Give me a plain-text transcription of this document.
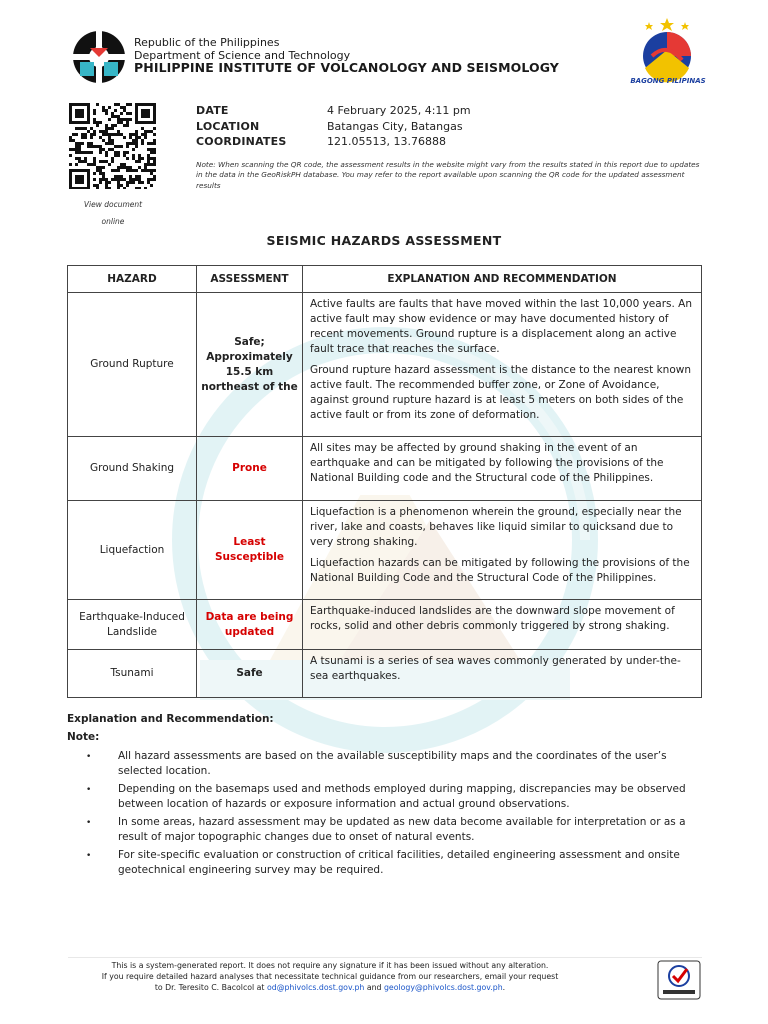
Republic of the Philippines
Department of Science and Technology
PHILIPPINE INSTITUTE OF VOLCANOLOGY AND SEISMOLOGY
BAGONG PILIPINAS
View document
online
DATE	4 February 2025, 4:11 pm
LOCATION	Batangas City, Batangas
COORDINATES	121.05513, 13.76888
Note: When scanning the QR code, the assessment results in the website might vary from the results stated in this report due to updates in the data in the GeoRiskPH database. You may refer to the report available upon scanning the QR code for the updated assessment results
SEISMIC HAZARDS ASSESSMENT
HAZARD	ASSESSMENT	EXPLANATION AND RECOMMENDATION
Ground Rupture	Safe; Approximately 15.5 km northeast of the	Active faults are faults that have moved within the last 10,000 years. An active fault may show evidence or may have documented history of recent movements. Ground rupture is a displacement along an active fault trace that reaches the surface.

Ground rupture hazard assessment is the distance to the nearest known active fault. The recommended buffer zone, or Zone of Avoidance, against ground rupture hazard is at least 5 meters on both sides of the active fault or from its zone of deformation.

Ground Shaking	Prone	All sites may be affected by ground shaking in the event of an earthquake and can be mitigated by following the provisions of the National Building code and the Structural code of the Philippines.

Liquefaction	Least Susceptible	Liquefaction is a phenomenon wherein the ground, especially near the river, lake and coasts, behaves like liquid similar to quicksand due to very strong shaking.

Liquefaction hazards can be mitigated by following the provisions of the National Building Code and the Structural Code of the Philippines.

Earthquake-Induced Landslide	Data are being updated	Earthquake-induced landslides are the downward slope movement of rocks, solid and other debris commonly triggered by strong shaking.

Tsunami	Safe	A tsunami is a series of sea waves commonly generated by under-the-sea earthquakes.

Explanation and Recommendation:
Note:
•	All hazard assessments are based on the available susceptibility maps and the coordinates of the user’s selected location.
•	Depending on the basemaps used and methods employed during mapping, discrepancies may be observed between location of hazards or exposure information and actual ground observations.
•	In some areas, hazard assessment may be updated as new data become available for interpretation or as a result of major topographic changes due to onset of natural events.
•	For site-specific evaluation or construction of critical facilities, detailed engineering assessment and onsite geotechnical engineering survey may be required.
This is a system-generated report. It does not require any signature if it has been issued without any alteration.
If you require detailed hazard analyses that necessitate technical guidance from our researchers, email your request
to Dr. Teresito C. Bacolcol at od@phivolcs.dost.gov.ph and geology@phivolcs.dost.gov.ph.
